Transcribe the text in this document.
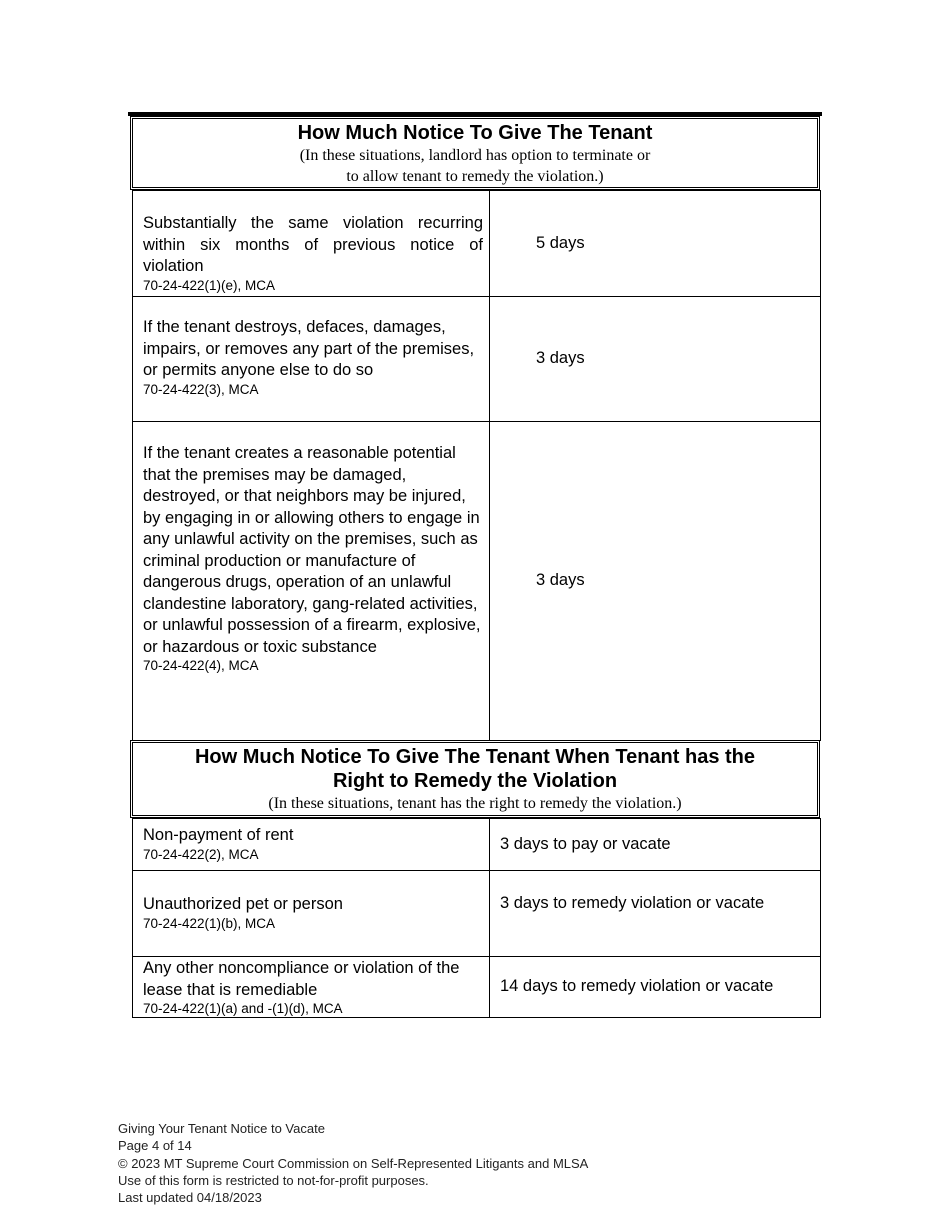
How Much Notice To Give The Tenant
(In these situations, landlord has option to terminate or
to allow tenant to remedy the violation.)
Substantially the same violation recurring within six months of previous notice of violation
70-24-422(1)(e), MCA	5 days

If the tenant destroys, defaces, damages, impairs, or removes any part of the premises, or permits anyone else to do so
70-24-422(3), MCA	3 days

If the tenant creates a reasonable potential that the premises may be damaged, destroyed, or that neighbors may be injured, by engaging in or allowing others to engage in any unlawful activity on the premises, such as criminal production or manufacture of dangerous drugs, operation of an unlawful clandestine laboratory, gang-related activities, or unlawful possession of a firearm, explosive, or hazardous or toxic substance
70-24-422(4), MCA	3 days
How Much Notice To Give The Tenant When Tenant has the
Right to Remedy the Violation
(In these situations, tenant has the right to remedy the violation.)
Non-payment of rent
70-24-422(2), MCA	3 days to pay or vacate

Unauthorized pet or person
70-24-422(1)(b), MCA	3 days to remedy violation or vacate

Any other noncompliance or violation of the lease that is remediable
70-24-422(1)(a) and -(1)(d), MCA	14 days to remedy violation or vacate
Giving Your Tenant Notice to Vacate
Page 4 of 14
© 2023 MT Supreme Court Commission on Self-Represented Litigants and MLSA
Use of this form is restricted to not-for-profit purposes.
Last updated 04/18/2023
